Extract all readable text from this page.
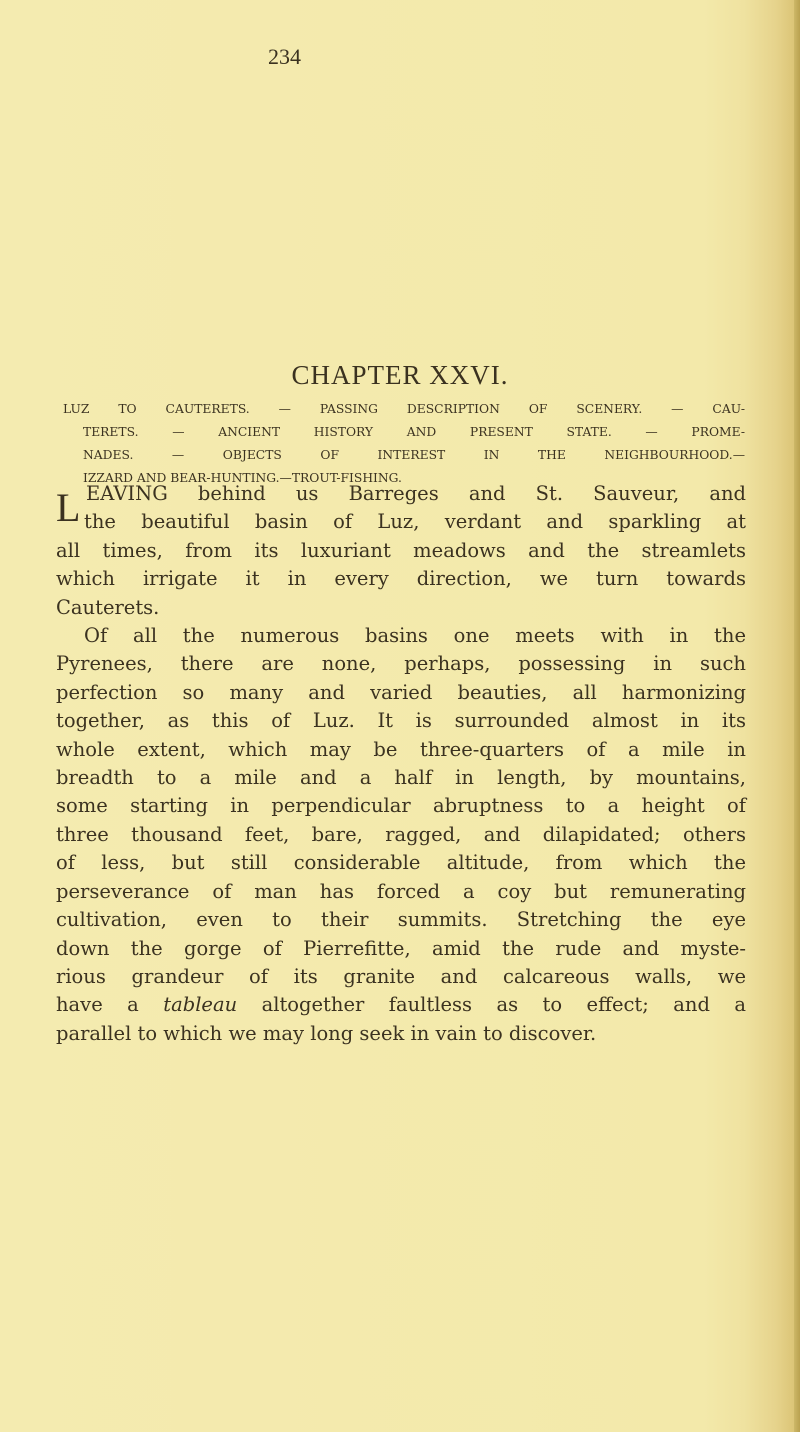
234
CHAPTER XXVI.
LUZ TO CAUTERETS. — PASSING DESCRIPTION OF SCENERY. — CAU-
TERETS. — ANCIENT HISTORY AND PRESENT STATE. — PROME-
NADES. — OBJECTS OF INTEREST IN THE NEIGHBOURHOOD.—
IZZARD AND BEAR-HUNTING.—TROUT-FISHING.
L EAVING behind us Barreges and St. Sauveur, and
the beautiful basin of Luz, verdant and sparkling at
all times, from its luxuriant meadows and the streamlets
which irrigate it in every direction, we turn towards
Cauterets.
Of all the numerous basins one meets with in the
Pyrenees, there are none, perhaps, possessing in such
perfection so many and varied beauties, all harmonizing
together, as this of Luz. It is surrounded almost in its
whole extent, which may be three-quarters of a mile in
breadth to a mile and a half in length, by mountains,
some starting in perpendicular abruptness to a height of
three thousand feet, bare, ragged, and dilapidated; others
of less, but still considerable altitude, from which the
perseverance of man has forced a coy but remunerating
cultivation, even to their summits. Stretching the eye
down the gorge of Pierrefitte, amid the rude and myste-
rious grandeur of its granite and calcareous walls, we
have a tableau altogether faultless as to effect; and a
parallel to which we may long seek in vain to discover.
